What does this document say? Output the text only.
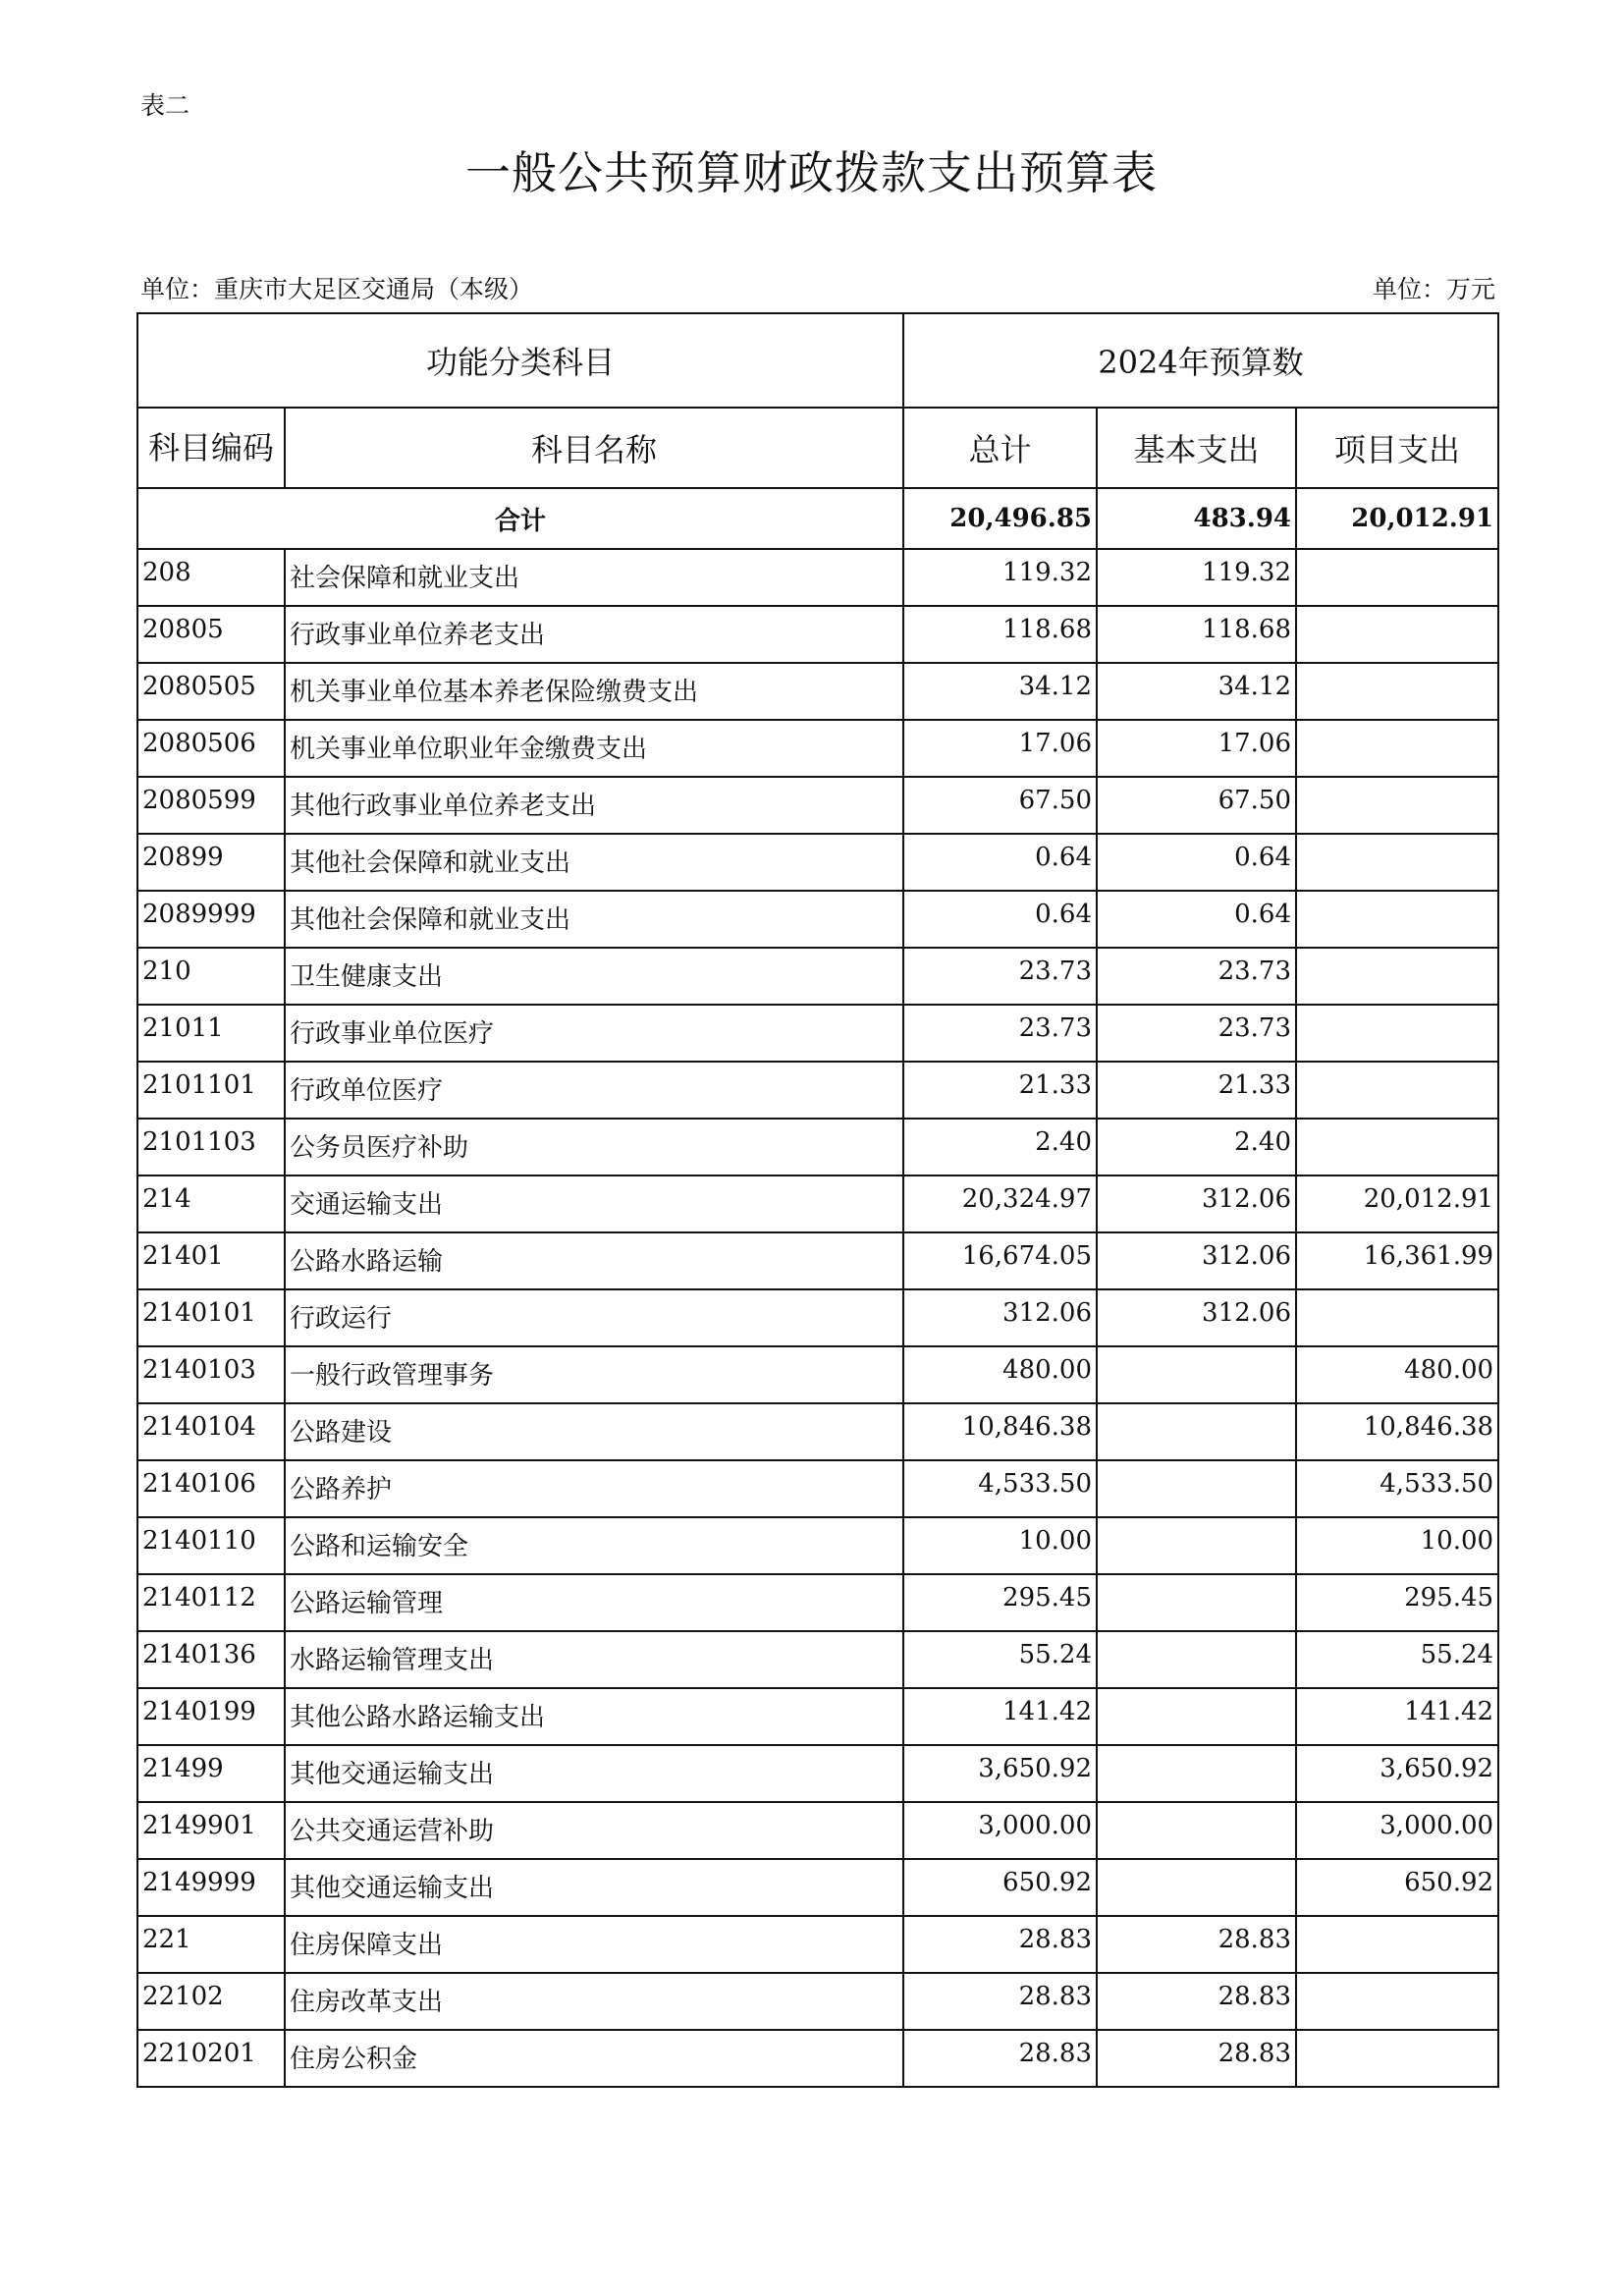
表二
一般公共预算财政拨款支出预算表
单位：重庆市大足区交通局（本级）	单位：万元
功能分类科目		2024年预算数		
科目编码	科目名称	总计	基本支出	项目支出
合计		20,496.85	483.94	20,012.91
208	社会保障和就业支出	119.32	119.32	
20805	行政事业单位养老支出	118.68	118.68	
2080505	机关事业单位基本养老保险缴费支出	34.12	34.12	
2080506	机关事业单位职业年金缴费支出	17.06	17.06	
2080599	其他行政事业单位养老支出	67.50	67.50	
20899	其他社会保障和就业支出	0.64	0.64	
2089999	其他社会保障和就业支出	0.64	0.64	
210	卫生健康支出	23.73	23.73	
21011	行政事业单位医疗	23.73	23.73	
2101101	行政单位医疗	21.33	21.33	
2101103	公务员医疗补助	2.40	2.40	
214	交通运输支出	20,324.97	312.06	20,012.91
21401	公路水路运输	16,674.05	312.06	16,361.99
2140101	行政运行	312.06	312.06	
2140103	一般行政管理事务	480.00		480.00
2140104	公路建设	10,846.38		10,846.38
2140106	公路养护	4,533.50		4,533.50
2140110	公路和运输安全	10.00		10.00
2140112	公路运输管理	295.45		295.45
2140136	水路运输管理支出	55.24		55.24
2140199	其他公路水路运输支出	141.42		141.42
21499	其他交通运输支出	3,650.92		3,650.92
2149901	公共交通运营补助	3,000.00		3,000.00
2149999	其他交通运输支出	650.92		650.92
221	住房保障支出	28.83	28.83	
22102	住房改革支出	28.83	28.83	
2210201	住房公积金	28.83	28.83	
